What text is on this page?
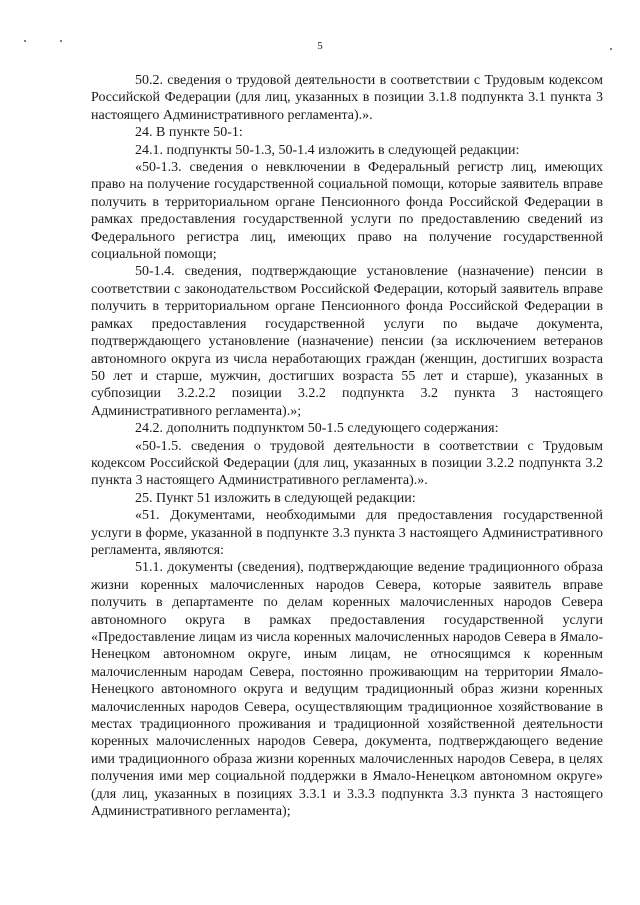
5

50.2. сведения о трудовой деятельности в соответствии с Трудовым кодексом Российской Федерации (для лиц, указанных в позиции 3.1.8 подпункта 3.1 пункта 3 настоящего Административного регламента).».

24. В пункте 50-1:

24.1. подпункты 50-1.3, 50-1.4 изложить в следующей редакции:

«50-1.3. сведения о невключении в Федеральный регистр лиц, имеющих право на получение государственной социальной помощи, которые заявитель вправе получить в территориальном органе Пенсионного фонда Российской Федерации в рамках предоставления государственной услуги по предоставлению сведений из Федерального регистра лиц, имеющих право на получение государственной социальной помощи;

50-1.4. сведения, подтверждающие установление (назначение) пенсии в соответствии с законодательством Российской Федерации, который заявитель вправе получить в территориальном органе Пенсионного фонда Российской Федерации в рамках предоставления государственной услуги по выдаче документа, подтверждающего установление (назначение) пенсии (за исключением ветеранов автономного округа из числа неработающих граждан (женщин, достигших возраста 50 лет и старше, мужчин, достигших возраста 55 лет и старше), указанных в субпозиции 3.2.2.2 позиции 3.2.2 подпункта 3.2 пункта 3 настоящего Административного регламента).»;

24.2. дополнить подпунктом 50-1.5 следующего содержания:

«50-1.5. сведения о трудовой деятельности в соответствии с Трудовым кодексом Российской Федерации (для лиц, указанных в позиции 3.2.2 подпункта 3.2 пункта 3 настоящего Административного регламента).».

25. Пункт 51 изложить в следующей редакции:

«51. Документами, необходимыми для предоставления государственной услуги в форме, указанной в подпункте 3.3 пункта 3 настоящего Административного регламента, являются:

51.1. документы (сведения), подтверждающие ведение традиционного образа жизни коренных малочисленных народов Севера, которые заявитель вправе получить в департаменте по делам коренных малочисленных народов Севера автономного округа в рамках предоставления государственной услуги «Предоставление лицам из числа коренных малочисленных народов Севера в Ямало-Ненецком автономном округе, иным лицам, не относящимся к коренным малочисленным народам Севера, постоянно проживающим на территории Ямало-Ненецкого автономного округа и ведущим традиционный образ жизни коренных малочисленных народов Севера, осуществляющим традиционное хозяйствование в местах традиционного проживания и традиционной хозяйственной деятельности коренных малочисленных народов Севера, документа, подтверждающего ведение ими традиционного образа жизни коренных малочисленных народов Севера, в целях получения ими мер социальной поддержки в Ямало-Ненецком автономном округе» (для лиц, указанных в позициях 3.3.1 и 3.3.3 подпункта 3.3 пункта 3 настоящего Административного регламента);
